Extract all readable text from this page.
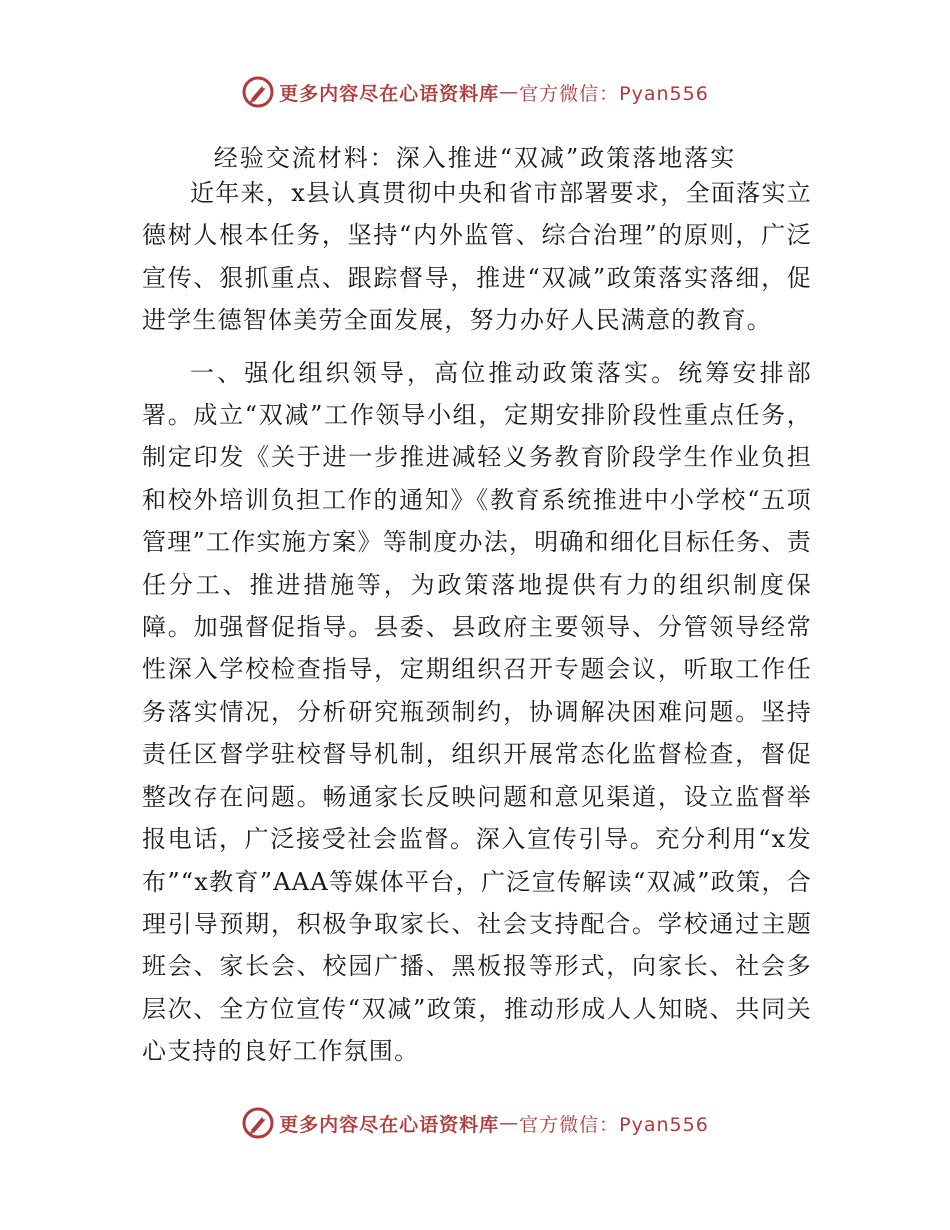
更多内容尽在心语资料库 — 官方微信：Pyan556
经验交流材料：深入推进“双减”政策落地落实

近年来，x县认真贯彻中央和省市部署要求，全面落实立德树人根本任务，坚持“内外监管、综合治理”的原则，广泛宣传、狠抓重点、跟踪督导，推进“双减”政策落实落细，促进学生德智体美劳全面发展，努力办好人民满意的教育。

一、强化组织领导，高位推动政策落实。统筹安排部署。成立“双减”工作领导小组，定期安排阶段性重点任务，制定印发《关于进一步推进减轻义务教育阶段学生作业负担和校外培训负担工作的通知》《教育系统推进中小学校“五项管理”工作实施方案》等制度办法，明确和细化目标任务、责任分工、推进措施等，为政策落地提供有力的组织制度保障。加强督促指导。县委、县政府主要领导、分管领导经常性深入学校检查指导，定期组织召开专题会议，听取工作任务落实情况，分析研究瓶颈制约，协调解决困难问题。坚持责任区督学驻校督导机制，组织开展常态化监督检查，督促整改存在问题。畅通家长反映问题和意见渠道，设立监督举报电话，广泛接受社会监督。深入宣传引导。充分利用“x发布”“x教育”AAA等媒体平台，广泛宣传解读“双减”政策，合理引导预期，积极争取家长、社会支持配合。学校通过主题班会、家长会、校园广播、黑板报等形式，向家长、社会多层次、全方位宣传“双减”政策，推动形成人人知晓、共同关心支持的良好工作氛围。

更多内容尽在心语资料库 — 官方微信：Pyan556
